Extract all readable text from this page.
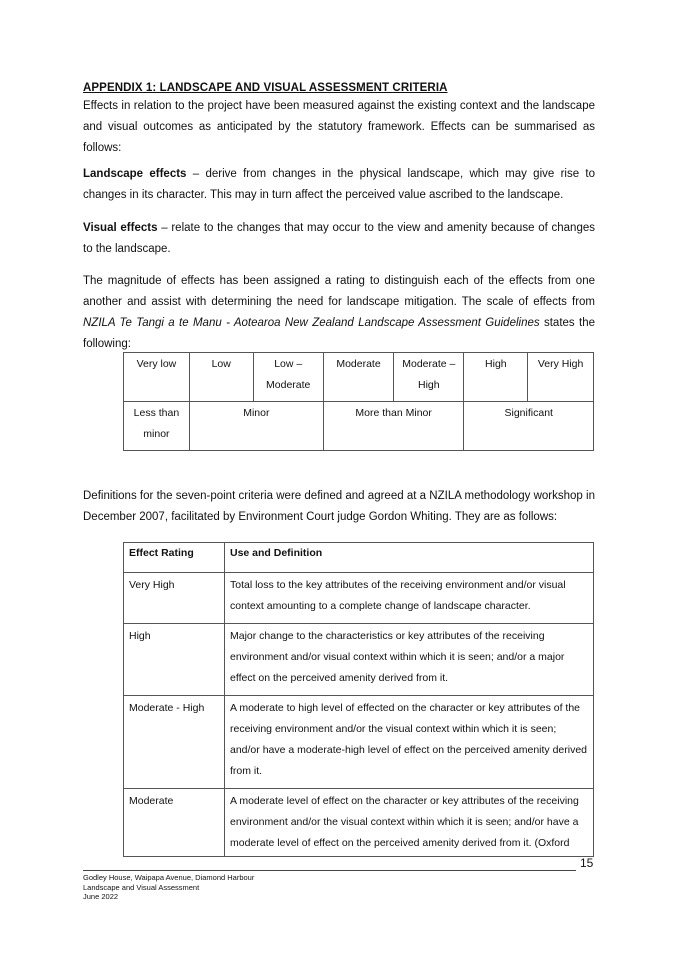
APPENDIX 1: LANDSCAPE AND VISUAL ASSESSMENT CRITERIA

Effects in relation to the project have been measured against the existing context and the landscape and visual outcomes as anticipated by the statutory framework. Effects can be summarised as follows:

Landscape effects – derive from changes in the physical landscape, which may give rise to changes in its character. This may in turn affect the perceived value ascribed to the landscape.

Visual effects – relate to the changes that may occur to the view and amenity because of changes to the landscape.

The magnitude of effects has been assigned a rating to distinguish each of the effects from one another and assist with determining the need for landscape mitigation. The scale of effects from NZILA Te Tangi a te Manu - Aotearoa New Zealand Landscape Assessment Guidelines states the following:

Very low	Low	Low – Moderate	Moderate	Moderate – High	High	Very High
Less than minor	Minor		More than Minor		Significant	

Definitions for the seven-point criteria were defined and agreed at a NZILA methodology workshop in December 2007, facilitated by Environment Court judge Gordon Whiting. They are as follows:

Effect Rating	Use and Definition
Very High	Total loss to the key attributes of the receiving environment and/or visual context amounting to a complete change of landscape character.
High	Major change to the characteristics or key attributes of the receiving environment and/or visual context within which it is seen; and/or a major effect on the perceived amenity derived from it.
Moderate - High	A moderate to high level of effected on the character or key attributes of the receiving environment and/or the visual context within which it is seen; and/or have a moderate-high level of effect on the perceived amenity derived from it.
Moderate	A moderate level of effect on the character or key attributes of the receiving environment and/or the visual context within which it is seen; and/or have a moderate level of effect on the perceived amenity derived from it. (Oxford
15
Godley House, Waipapa Avenue, Diamond Harbour
Landscape and Visual Assessment
June 2022
